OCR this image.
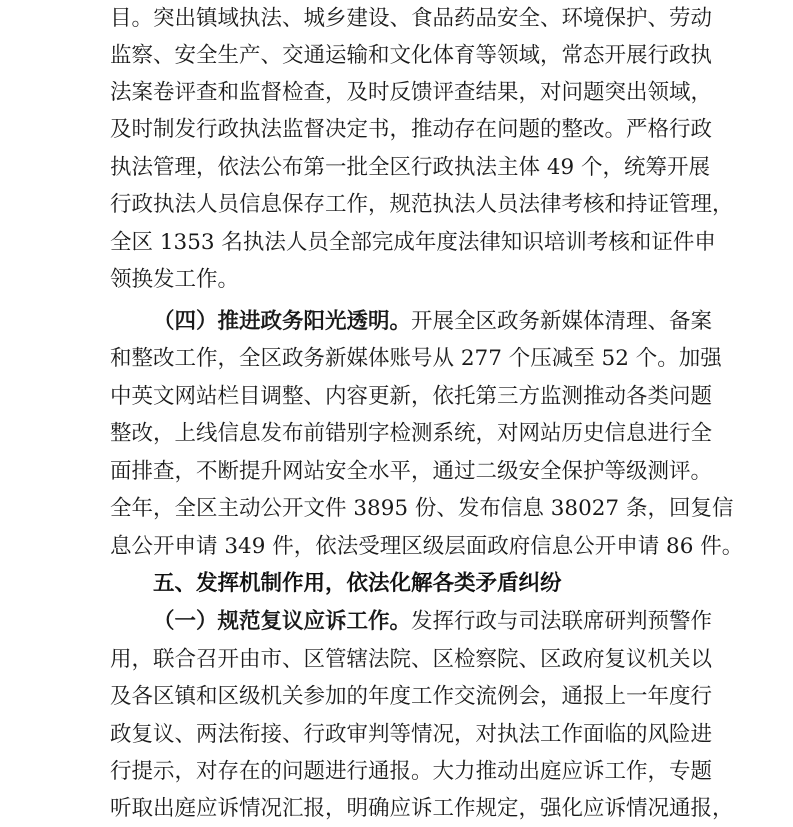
目。突出镇域执法、城乡建设、食品药品安全、环境保护、劳动
监察、安全生产、交通运输和文化体育等领域，常态开展行政执
法案卷评查和监督检查，及时反馈评查结果，对问题突出领域，
及时制发行政执法监督决定书，推动存在问题的整改。严格行政
执法管理，依法公布第一批全区行政执法主体 49 个，统筹开展
行政执法人员信息保存工作，规范执法人员法律考核和持证管理，
全区 1353 名执法人员全部完成年度法律知识培训考核和证件申
领换发工作。
（四）推进政务阳光透明。开展全区政务新媒体清理、备案
和整改工作，全区政务新媒体账号从 277 个压减至 52 个。加强
中英文网站栏目调整、内容更新，依托第三方监测推动各类问题
整改，上线信息发布前错别字检测系统，对网站历史信息进行全
面排查，不断提升网站安全水平，通过二级安全保护等级测评。
全年，全区主动公开文件 3895 份、发布信息 38027 条，回复信
息公开申请 349 件，依法受理区级层面政府信息公开申请 86 件。
五、发挥机制作用，依法化解各类矛盾纠纷
（一）规范复议应诉工作。发挥行政与司法联席研判预警作
用，联合召开由市、区管辖法院、区检察院、区政府复议机关以
及各区镇和区级机关参加的年度工作交流例会，通报上一年度行
政复议、两法衔接、行政审判等情况，对执法工作面临的风险进
行提示，对存在的问题进行通报。大力推动出庭应诉工作，专题
听取出庭应诉情况汇报，明确应诉工作规定，强化应诉情况通报，
